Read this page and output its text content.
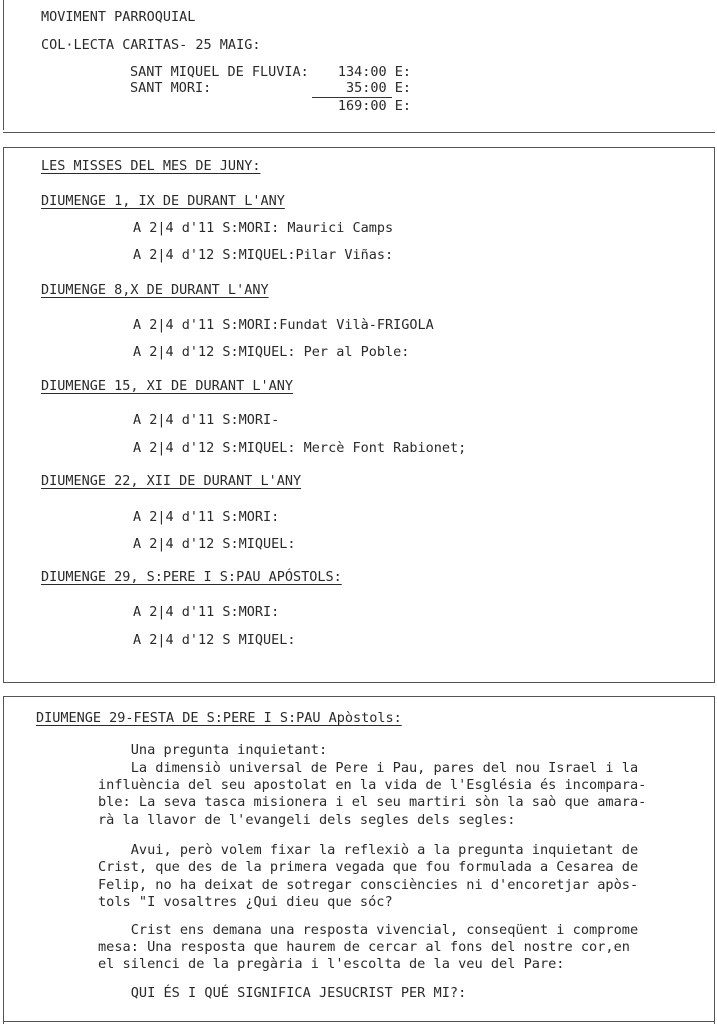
MOVIMENT PARROQUIAL
COL·LECTA CARITAS- 25 MAIG:
SANT MIQUEL DE FLUVIA:	134:00 E:
SANT MORI:	35:00 E:
169:00 E:
LES MISSES DEL MES DE JUNY:
DIUMENGE 1, IX DE DURANT L'ANY
A 2|4 d'11 S:MORI: Maurici Camps
A 2|4 d'12 S:MIQUEL:Pilar Viñas:
DIUMENGE 8,X DE DURANT L'ANY
A 2|4 d'11 S:MORI:Fundat Vilà-FRIGOLA
A 2|4 d'12 S:MIQUEL: Per al Poble:
DIUMENGE 15, XI DE DURANT L'ANY
A 2|4 d'11 S:MORI-
A 2|4 d'12 S:MIQUEL: Mercè Font Rabionet;
DIUMENGE 22, XII DE DURANT L'ANY
A 2|4 d'11 S:MORI:
A 2|4 d'12 S:MIQUEL:
DIUMENGE 29, S:PERE I S:PAU APÓSTOLS:
A 2|4 d'11 S:MORI:
A 2|4 d'12 S MIQUEL:
DIUMENGE 29-FESTA DE S:PERE I S:PAU Apòstols:
Una pregunta inquietant:
La dimensiò universal de Pere i Pau, pares del nou Israel i la
influència del seu apostolat en la vida de l'Església és incompara-
ble: La seva tasca misionera i el seu martiri sòn la saò que amara-
rà la llavor de l'evangeli dels segles dels segles:
Avui, però volem fixar la reflexiò a la pregunta inquietant de
Crist, que des de la primera vegada que fou formulada a Cesarea de
Felip, no ha deixat de sotregar consciències ni d'encoretjar apòs-
tols "I vosaltres ¿Qui dieu que sóc?
Crist ens demana una resposta vivencial, conseqüent i comprome
mesa: Una resposta que haurem de cercar al fons del nostre cor,en
el silenci de la pregària i l'escolta de la veu del Pare:
QUI ÉS I QUÉ SIGNIFICA JESUCRIST PER MI?:
